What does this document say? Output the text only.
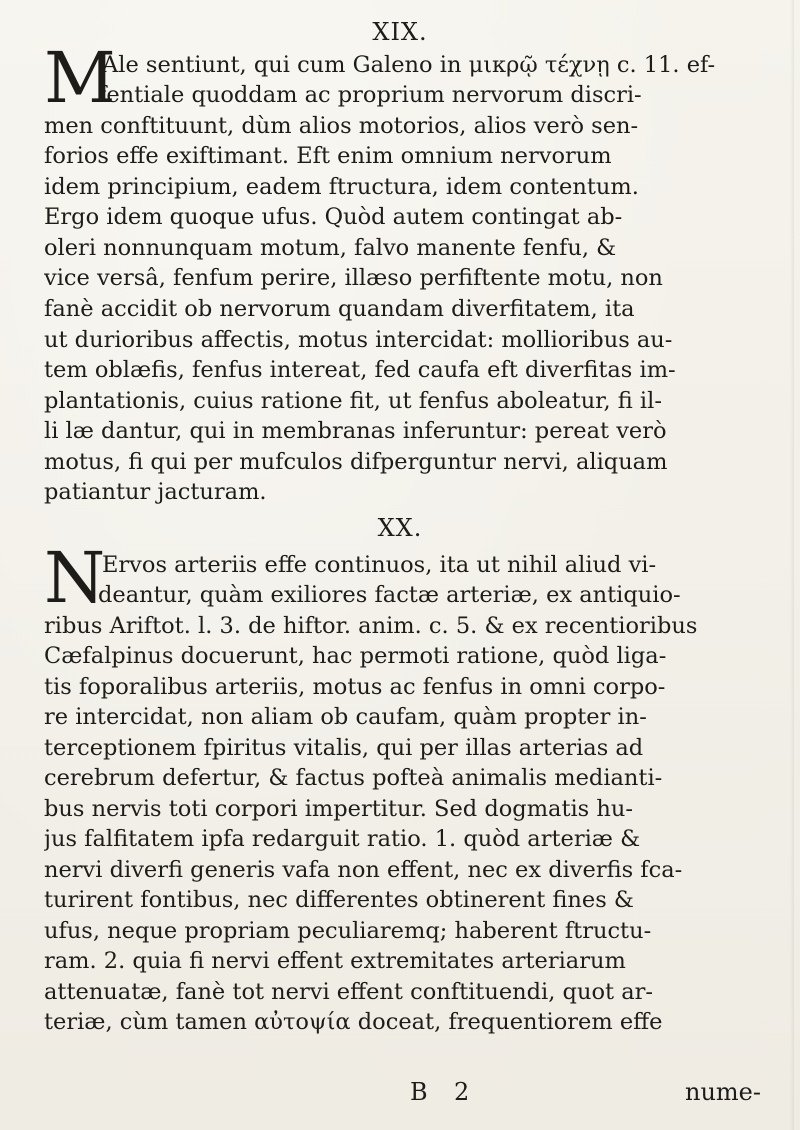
XIX.
M
Ale sentiunt, qui cum Galeno in μικρῷ τέχνῃ c. 11. ef-
fentiale quoddam ac proprium nervorum discri-
men conftituunt, dùm alios motorios, alios verò sen-
forios effe exiftimant. Eft enim omnium nervorum
idem principium, eadem ftructura, idem contentum.
Ergo idem quoque ufus. Quòd autem contingat ab-
oleri nonnunquam motum, falvo manente fenfu, &
vice versâ, fenfum perire, illæso perfiftente motu, non
fanè accidit ob nervorum quandam diverfitatem, ita
ut durioribus affectis, motus intercidat: mollioribus au-
tem oblæfis, fenfus intereat, fed caufa eft diverfitas im-
plantationis, cuius ratione fit, ut fenfus aboleatur, fi il-
li læ dantur, qui in membranas inferuntur: pereat verò
motus, fi qui per mufculos difperguntur nervi, aliquam
patiantur jacturam.
XX.
N
Ervos arteriis effe continuos, ita ut nihil aliud vi-
deantur, quàm exiliores factæ arteriæ, ex antiquio-
ribus Ariftot. l. 3. de hiftor. anim. c. 5. & ex recentioribus
Cæfalpinus docuerunt, hac permoti ratione, quòd liga-
tis foporalibus arteriis, motus ac fenfus in omni corpo-
re intercidat, non aliam ob caufam, quàm propter in-
terceptionem fpiritus vitalis, qui per illas arterias ad
cerebrum defertur, & factus pofteà animalis medianti-
bus nervis toti corpori impertitur. Sed dogmatis hu-
jus falfitatem ipfa redarguit ratio. 1. quòd arteriæ &
nervi diverfi generis vafa non effent, nec ex diverfis fca-
turirent fontibus, nec differentes obtinerent fines &
ufus, neque propriam peculiaremq; haberent ftructu-
ram. 2. quia fi nervi effent extremitates arteriarum
attenuatæ, fanè tot nervi effent conftituendi, quot ar-
teriæ, cùm tamen αὐτοψία doceat, frequentiorem effe
B 2	nume-
